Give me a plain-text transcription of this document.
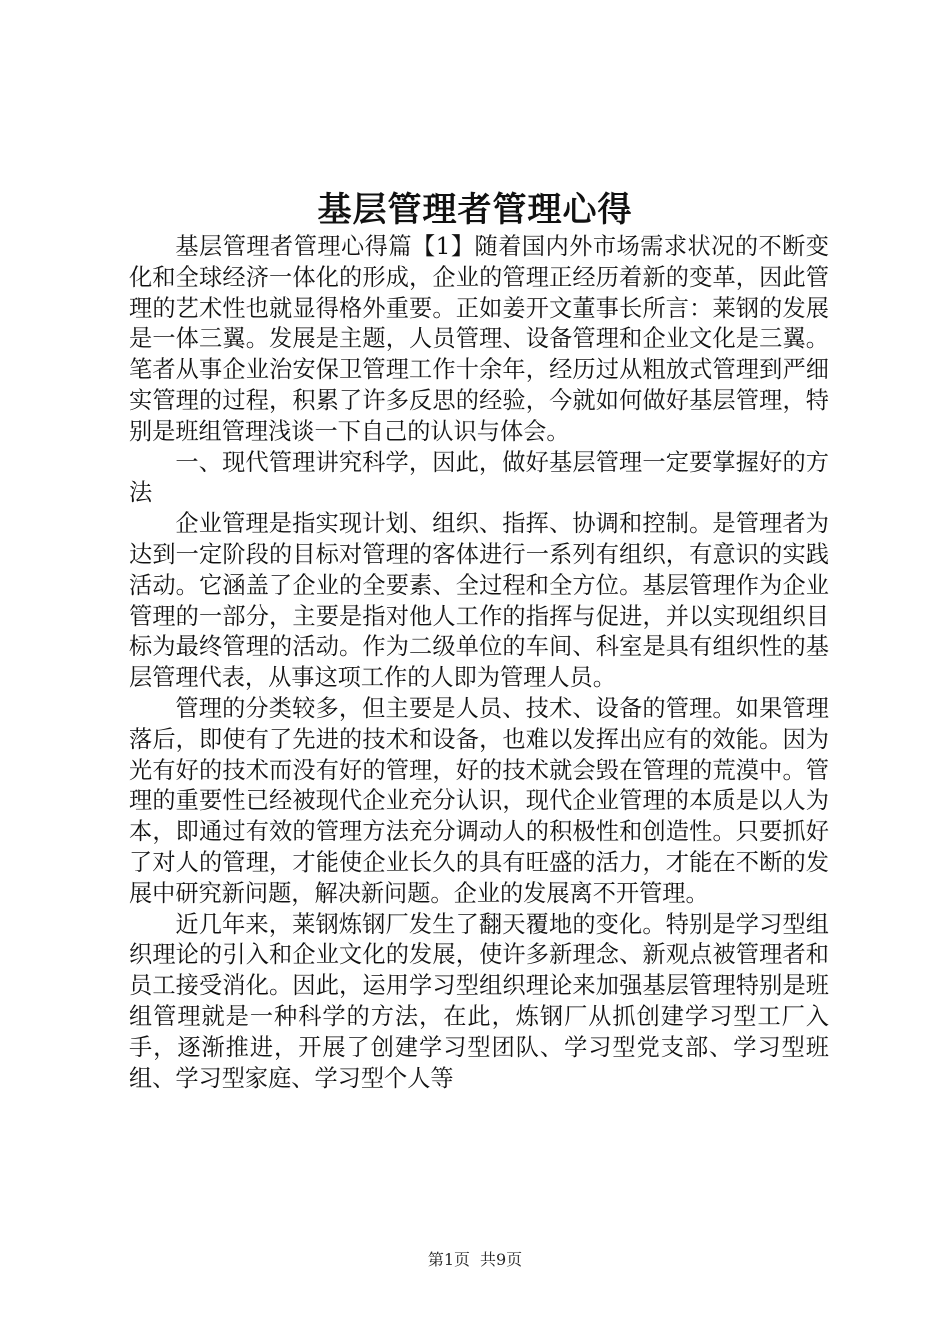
基层管理者管理心得

基层管理者管理心得篇【1】随着国内外市场需求状况的不断变化和全球经济一体化的形成，企业的管理正经历着新的变革，因此管理的艺术性也就显得格外重要。正如姜开文董事长所言：莱钢的发展是一体三翼。发展是主题，人员管理、设备管理和企业文化是三翼。笔者从事企业治安保卫管理工作十余年，经历过从粗放式管理到严细实管理的过程，积累了许多反思的经验，今就如何做好基层管理，特别是班组管理浅谈一下自己的认识与体会。

一、现代管理讲究科学，因此，做好基层管理一定要掌握好的方法

企业管理是指实现计划、组织、指挥、协调和控制。是管理者为达到一定阶段的目标对管理的客体进行一系列有组织，有意识的实践活动。它涵盖了企业的全要素、全过程和全方位。基层管理作为企业管理的一部分，主要是指对他人工作的指挥与促进，并以实现组织目标为最终管理的活动。作为二级单位的车间、科室是具有组织性的基层管理代表，从事这项工作的人即为管理人员。

管理的分类较多，但主要是人员、技术、设备的管理。如果管理落后，即使有了先进的技术和设备，也难以发挥出应有的效能。因为光有好的技术而没有好的管理，好的技术就会毁在管理的荒漠中。管理的重要性已经被现代企业充分认识，现代企业管理的本质是以人为本，即通过有效的管理方法充分调动人的积极性和创造性。只要抓好了对人的管理，才能使企业长久的具有旺盛的活力，才能在不断的发展中研究新问题，解决新问题。企业的发展离不开管理。

近几年来，莱钢炼钢厂发生了翻天覆地的变化。特别是学习型组织理论的引入和企业文化的发展，使许多新理念、新观点被管理者和员工接受消化。因此，运用学习型组织理论来加强基层管理特别是班组管理就是一种科学的方法，在此，炼钢厂从抓创建学习型工厂入手，逐渐推进，开展了创建学习型团队、学习型党支部、学习型班组、学习型家庭、学习型个人等

第1页 共9页
